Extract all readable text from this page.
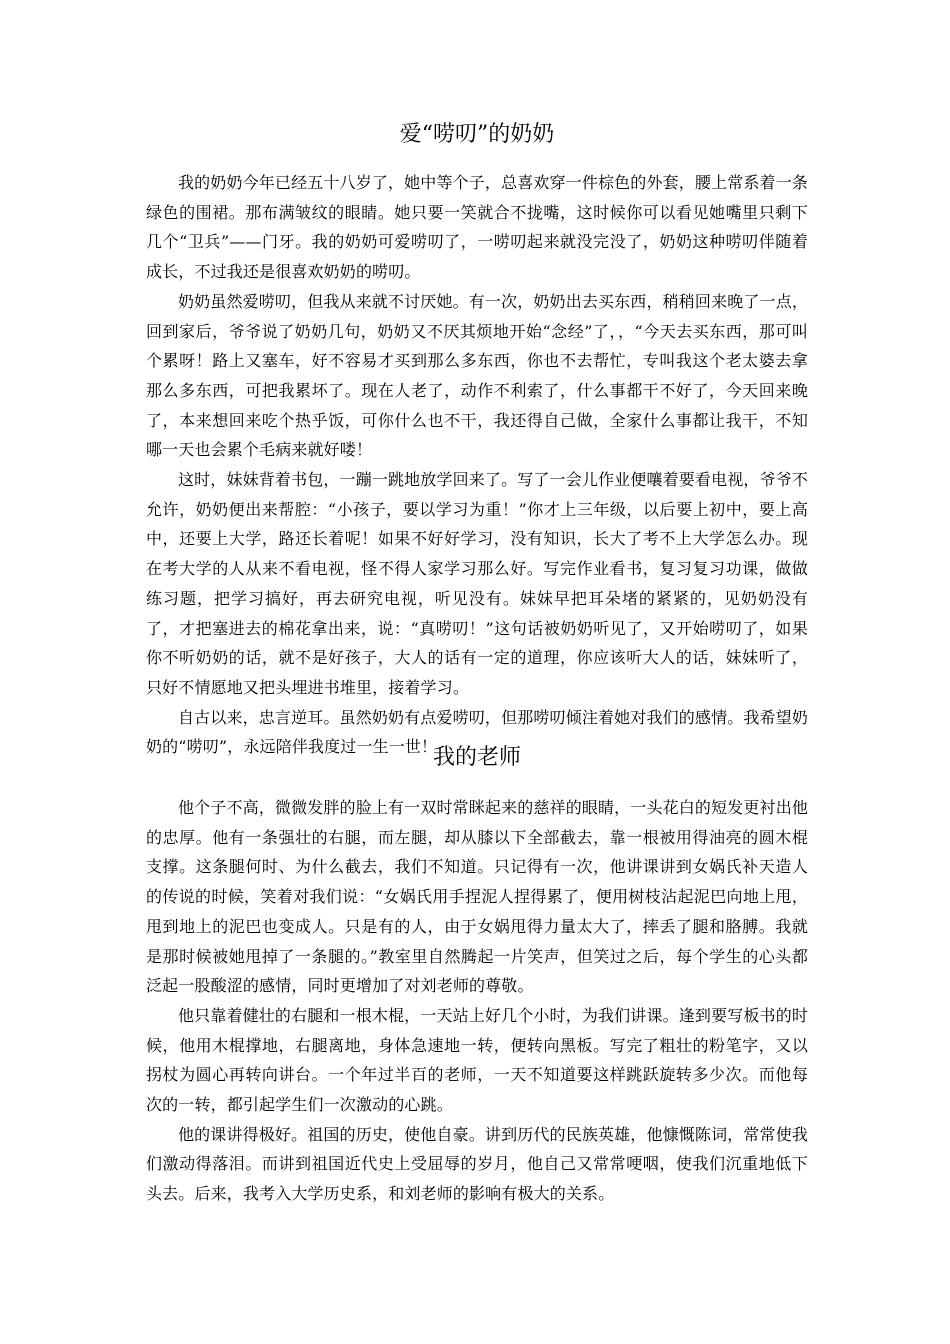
爱“唠叨”的奶奶

我的奶奶今年已经五十八岁了，她中等个子，总喜欢穿一件棕色的外套，腰上常系着一条绿色的围裙。那布满皱纹的眼睛。她只要一笑就合不拢嘴，这时候你可以看见她嘴里只剩下几个“卫兵”——门牙。我的奶奶可爱唠叨了，一唠叨起来就没完没了，奶奶这种唠叨伴随着成长，不过我还是很喜欢奶奶的唠叨。

奶奶虽然爱唠叨，但我从来就不讨厌她。有一次，奶奶出去买东西，稍稍回来晚了一点，回到家后，爷爷说了奶奶几句，奶奶又不厌其烦地开始“念经”了，，“今天去买东西，那可叫个累呀！路上又塞车，好不容易才买到那么多东西，你也不去帮忙，专叫我这个老太婆去拿那么多东西，可把我累坏了。现在人老了，动作不利索了，什么事都干不好了，今天回来晚了，本来想回来吃个热乎饭，可你什么也不干，我还得自己做，全家什么事都让我干，不知哪一天也会累个毛病来就好喽！

这时，妹妹背着书包，一蹦一跳地放学回来了。写了一会儿作业便嚷着要看电视，爷爷不允许，奶奶便出来帮腔：“小孩子，要以学习为重！”你才上三年级，以后要上初中，要上高中，还要上大学，路还长着呢！如果不好好学习，没有知识，长大了考不上大学怎么办。现在考大学的人从来不看电视，怪不得人家学习那么好。写完作业看书，复习复习功课，做做练习题，把学习搞好，再去研究电视，听见没有。妹妹早把耳朵堵的紧紧的，见奶奶没有了，才把塞进去的棉花拿出来，说：“真唠叨！”这句话被奶奶听见了，又开始唠叨了，如果你不听奶奶的话，就不是好孩子，大人的话有一定的道理，你应该听大人的话，妹妹听了，只好不情愿地又把头埋进书堆里，接着学习。

自古以来，忠言逆耳。虽然奶奶有点爱唠叨，但那唠叨倾注着她对我们的感情。我希望奶奶的“唠叨”，永远陪伴我度过一生一世！

我的老师

他个子不高，微微发胖的脸上有一双时常眯起来的慈祥的眼睛，一头花白的短发更衬出他的忠厚。他有一条强壮的右腿，而左腿，却从膝以下全部截去，靠一根被用得油亮的圆木棍支撑。这条腿何时、为什么截去，我们不知道。只记得有一次，他讲课讲到女娲氏补天造人的传说的时候，笑着对我们说：“女娲氏用手捏泥人捏得累了，便用树枝沾起泥巴向地上甩，甩到地上的泥巴也变成人。只是有的人，由于女娲甩得力量太大了，摔丢了腿和胳膊。我就是那时候被她甩掉了一条腿的。”教室里自然腾起一片笑声，但笑过之后，每个学生的心头都泛起一股酸涩的感情，同时更增加了对刘老师的尊敬。

他只靠着健壮的右腿和一根木棍，一天站上好几个小时，为我们讲课。逢到要写板书的时候，他用木棍撑地，右腿离地，身体急速地一转，便转向黑板。写完了粗壮的粉笔字，又以拐杖为圆心再转向讲台。一个年过半百的老师，一天不知道要这样跳跃旋转多少次。而他每次的一转，都引起学生们一次激动的心跳。

他的课讲得极好。祖国的历史，使他自豪。讲到历代的民族英雄，他慷慨陈词，常常使我们激动得落泪。而讲到祖国近代史上受屈辱的岁月，他自己又常常哽咽，使我们沉重地低下头去。后来，我考入大学历史系，和刘老师的影响有极大的关系。
